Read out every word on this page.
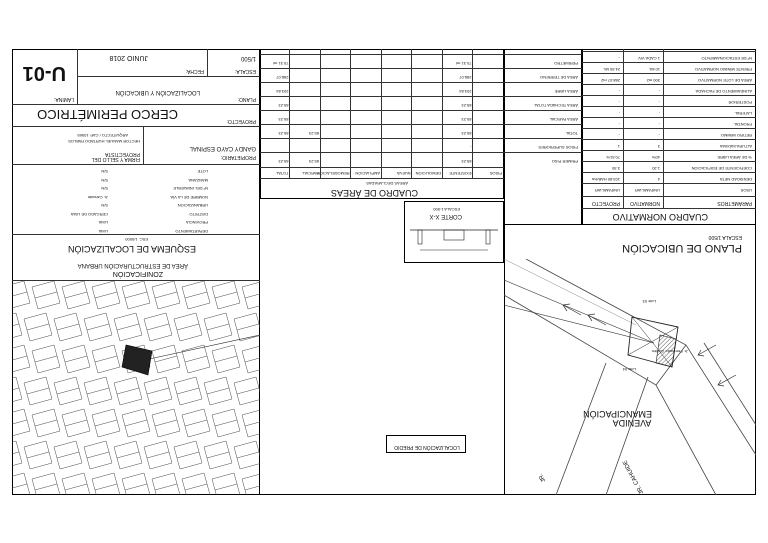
PLANO DE UBICACIÓN
ESCALA 1/500
AVENIDA EMANCIPACIÓN
JR. CAHUIDE
JR.
Lote 04
Lote 03
Jr. Fernando Guillén
CORTE X-X
ESCALA 1:500
LOCALIZACIÓN DE PREDIO
CUADRO NORMATIVO
PARÁMETROS
NORMATIVO
PROYECTO
USOS
UNIFAMILIAR
UNIFAMILIAR
DENSIDAD NETA
4
103.80 HAB/Ha
COEFICIENTE DE EDIFICACIÓN
1.20
3.39
% DE ÁREA LIBRE
40%
70.51%
ALTURA MÁXIMA
3
1
RETIRO MÍNIMO
-
-
FRONTAL
-
-
LATERAL
-
-
POSTERIOR
-
-
ALINEAMIENTO DE FACHADA
-
-
ÁREA DE LOTE NORMATIVO
300 m2
288.07 m2
FRENTE MÍNIMO NORMATIVO
10 ML
24.50 ML
Nº DE ESTACIONAMIENTO
1 CADA VIV.
-
CUADRO DE ÁREAS
ÁREAS DECLARADAS
PISOS
EXISTENTE
DEMOLICIÓN
NUEVA
AMPLIACIÓN
REMODELACIÓN
PARCIAL
TOTAL
PRIMER PISO
85.23
85.23
85.23
PISOS SUPERIORES
-
TOTAL
85.23
85.23
85.23
ÁREA PARCIAL
85.23
85.23
ÁREA TECHADA TOTAL
85.23
85.23
ÁREA LIBRE
203.84
203.84
ÁREA DE TERRENO
288.07
288.07
PERÍMETRO
70.31 ml
70.31 ml
ZONIFICACIÓN
ÁREA DE ESTRUCTURACIÓN URBANA
ESQUEMA DE LOCALIZACIÓN
ESC. 1/5000
DEPARTAMENTO
LIMA
PROVINCIA
LIMA
DISTRITO
CERCADO DE LIMA
URBANIZACIÓN
S/N
NOMBRE DE LA VÍA
Jr. Cahuide
Nº DEL INMUEBLE
S/N
MANZANA
S/N
LOTE
S/N
PROPIETARIO:
GANDY CAYO ESPINAL
FIRMA Y SELLO DEL PROYECTISTA
HECTOR MANUEL HURTADO PABLOS
ARQUITECTO / CAP. 10565
PROYECTO:
CERCO PERIMÉTRICO
PLANO:
LOCALIZACIÓN Y UBICACIÓN
LÁMINA:
U-01	ESCALA:
1/500
FECHA:
JUNIO 2018
